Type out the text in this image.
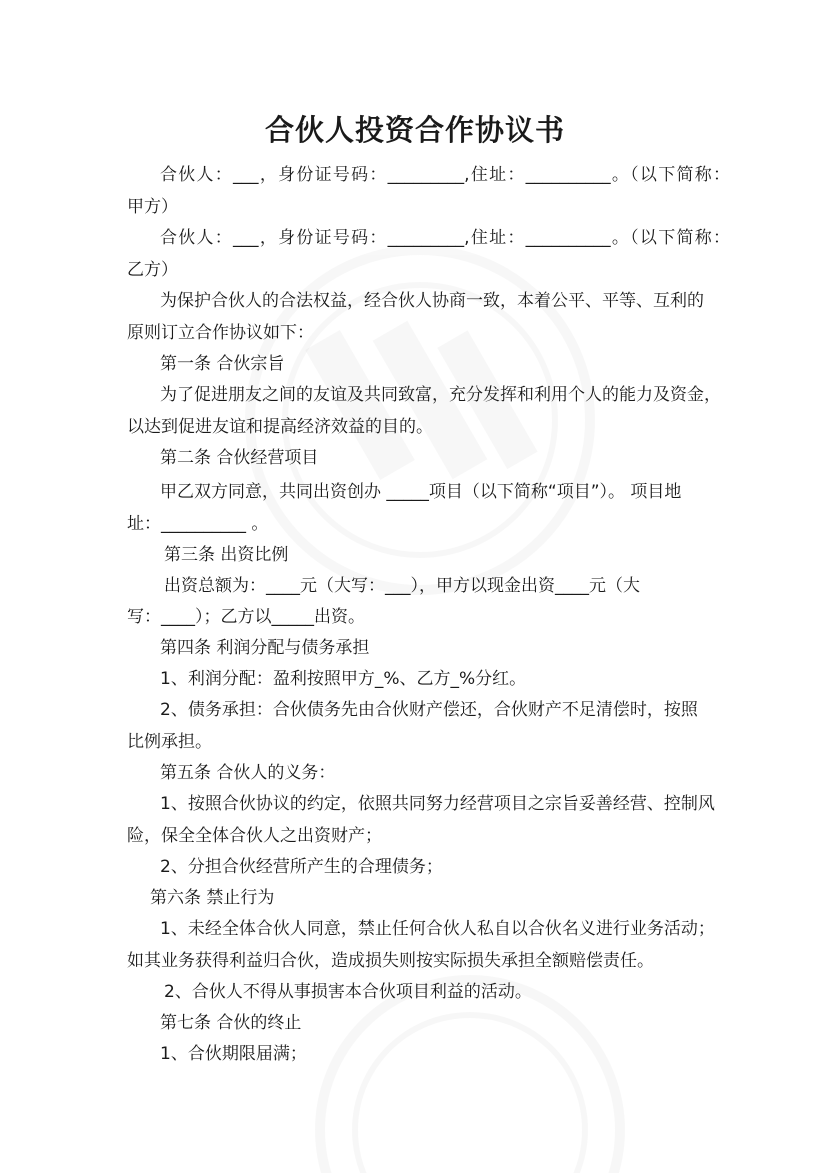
合伙人投资合作协议书

合伙人：___，身份证号码：_________,住址：__________。（以下简称：

甲方）

合伙人：___，身份证号码：_________,住址：__________。（以下简称：

乙方）

为保护合伙人的合法权益，经合伙人协商一致，本着公平、平等、互利的

原则订立合作协议如下：

第一条 合伙宗旨

为了促进朋友之间的友谊及共同致富，充分发挥和利用个人的能力及资金，

以达到促进友谊和提高经济效益的目的。

第二条 合伙经营项目

甲乙双方同意，共同出资创办 _____项目（以下简称“项目”）。 项目地

址：__________ 。

第三条 出资比例

出资总额为：____元（大写：___），甲方以现金出资____元（大

写：____）；乙方以_____出资。

第四条 利润分配与债务承担

1、利润分配：盈利按照甲方_%、乙方_%分红。

2、债务承担：合伙债务先由合伙财产偿还，合伙财产不足清偿时，按照

比例承担。

第五条 合伙人的义务：

1、按照合伙协议的约定，依照共同努力经营项目之宗旨妥善经营、控制风

险，保全全体合伙人之出资财产；

2、分担合伙经营所产生的合理债务；

第六条 禁止行为

1、未经全体合伙人同意，禁止任何合伙人私自以合伙名义进行业务活动；

如其业务获得利益归合伙，造成损失则按实际损失承担全额赔偿责任。

2、合伙人不得从事损害本合伙项目利益的活动。

第七条 合伙的终止

1、合伙期限届满；
